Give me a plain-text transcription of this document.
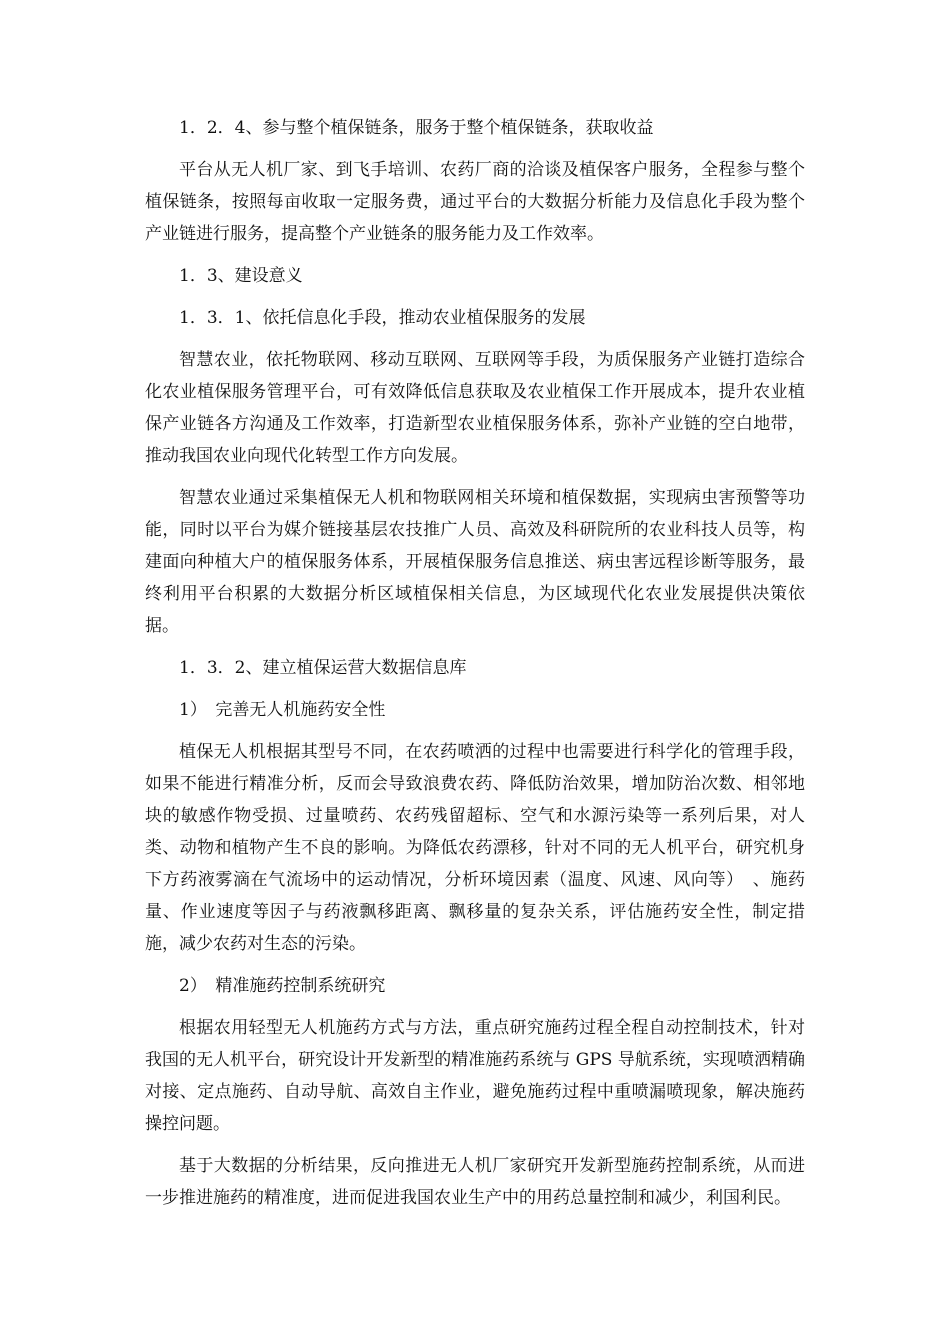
1．2．4、参与整个植保链条，服务于整个植保链条，获取收益

平台从无人机厂家、到飞手培训、农药厂商的洽谈及植保客户服务，全程参与整个植保链条，按照每亩收取一定服务费，通过平台的大数据分析能力及信息化手段为整个产业链进行服务，提高整个产业链条的服务能力及工作效率。

1．3、建设意义

1．3．1、依托信息化手段，推动农业植保服务的发展

智慧农业，依托物联网、移动互联网、互联网等手段，为质保服务产业链打造综合化农业植保服务管理平台，可有效降低信息获取及农业植保工作开展成本，提升农业植保产业链各方沟通及工作效率，打造新型农业植保服务体系，弥补产业链的空白地带，推动我国农业向现代化转型工作方向发展。

智慧农业通过采集植保无人机和物联网相关环境和植保数据，实现病虫害预警等功能，同时以平台为媒介链接基层农技推广人员、高效及科研院所的农业科技人员等，构建面向种植大户的植保服务体系，开展植保服务信息推送、病虫害远程诊断等服务，最终利用平台积累的大数据分析区域植保相关信息，为区域现代化农业发展提供决策依据。

1．3．2、建立植保运营大数据信息库

1）　完善无人机施药安全性

植保无人机根据其型号不同，在农药喷洒的过程中也需要进行科学化的管理手段，如果不能进行精准分析，反而会导致浪费农药、降低防治效果，增加防治次数、相邻地块的敏感作物受损、过量喷药、农药残留超标、空气和水源污染等一系列后果，对人类、动物和植物产生不良的影响。为降低农药漂移，针对不同的无人机平台，研究机身下方药液雾滴在气流场中的运动情况，分析环境因素（温度、风速、风向等）　、施药量、作业速度等因子与药液飘移距离、飘移量的复杂关系，评估施药安全性，制定措施，减少农药对生态的污染。

2）　精准施药控制系统研究

根据农用轻型无人机施药方式与方法，重点研究施药过程全程自动控制技术，针对我国的无人机平台，研究设计开发新型的精准施药系统与 GPS 导航系统，实现喷洒精确对接、定点施药、自动导航、高效自主作业，避免施药过程中重喷漏喷现象，解决施药操控问题。

基于大数据的分析结果，反向推进无人机厂家研究开发新型施药控制系统，从而进一步推进施药的精准度，进而促进我国农业生产中的用药总量控制和减少，利国利民。
